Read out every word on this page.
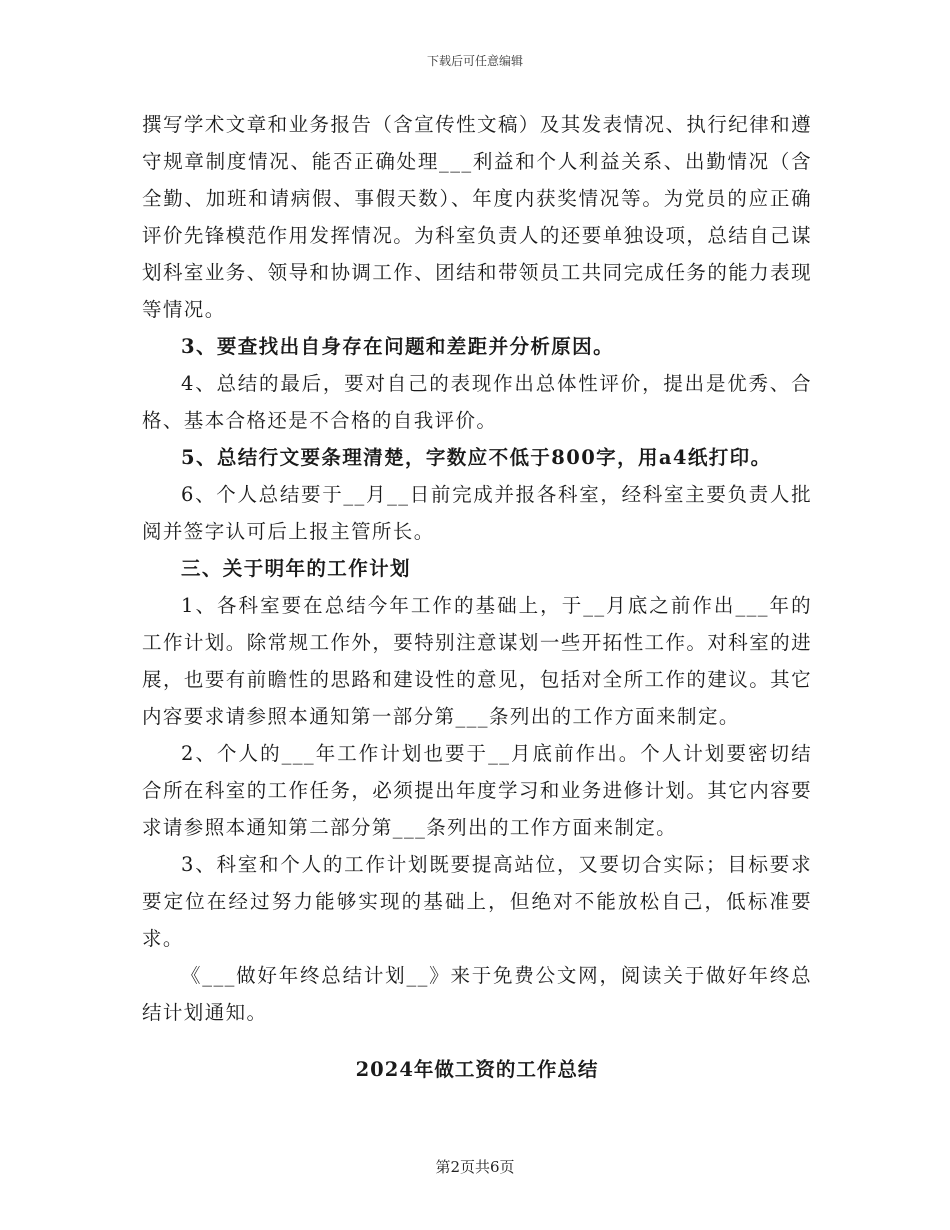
下载后可任意编辑

撰写学术文章和业务报告（含宣传性文稿）及其发表情况、执行纪律和遵守规章制度情况、能否正确处理___利益和个人利益关系、出勤情况（含全勤、加班和请病假、事假天数）、年度内获奖情况等。为党员的应正确评价先锋模范作用发挥情况。为科室负责人的还要单独设项，总结自己谋划科室业务、领导和协调工作、团结和带领员工共同完成任务的能力表现等情况。

3、要查找出自身存在问题和差距并分析原因。

4、总结的最后，要对自己的表现作出总体性评价，提出是优秀、合格、基本合格还是不合格的自我评价。

5、总结行文要条理清楚，字数应不低于800字，用a4纸打印。

6、个人总结要于__月__日前完成并报各科室，经科室主要负责人批阅并签字认可后上报主管所长。

三、关于明年的工作计划

1、各科室要在总结今年工作的基础上，于__月底之前作出___年的工作计划。除常规工作外，要特别注意谋划一些开拓性工作。对科室的进展，也要有前瞻性的思路和建设性的意见，包括对全所工作的建议。其它内容要求请参照本通知第一部分第___条列出的工作方面来制定。

2、个人的___年工作计划也要于__月底前作出。个人计划要密切结合所在科室的工作任务，必须提出年度学习和业务进修计划。其它内容要求请参照本通知第二部分第___条列出的工作方面来制定。

3、科室和个人的工作计划既要提高站位，又要切合实际；目标要求要定位在经过努力能够实现的基础上，但绝对不能放松自己，低标准要求。

《___做好年终总结计划__》来于免费公文网，阅读关于做好年终总结计划通知。

2024年做工资的工作总结

第2页共6页
